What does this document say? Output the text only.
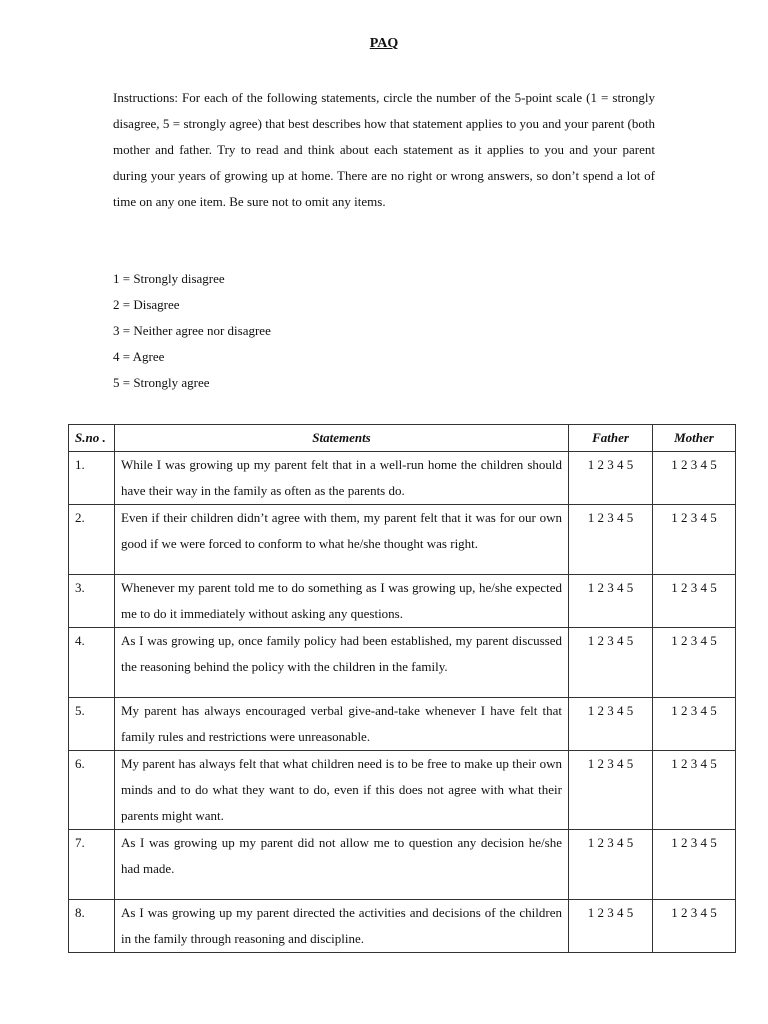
PAQ

Instructions: For each of the following statements, circle the number of the 5-point scale (1 = strongly disagree, 5 = strongly agree) that best describes how that statement applies to you and your parent (both mother and father. Try to read and think about each statement as it applies to you and your parent during your years of growing up at home. There are no right or wrong answers, so don’t spend a lot of time on any one item. Be sure not to omit any items.

1 = Strongly disagree
2 = Disagree
3 = Neither agree nor disagree
4 = Agree
5 = Strongly agree
S.no .	Statements	Father	Mother
1.	While I was growing up my parent felt that in a well-run home the children should have their way in the family as often as the parents do.	1 2 3 4 5	1 2 3 4 5
2.	Even if their children didn’t agree with them, my parent felt that it was for our own good if we were forced to conform to what he/she thought was right.	1 2 3 4 5	1 2 3 4 5
3.	Whenever my parent told me to do something as I was growing up, he/she expected me to do it immediately without asking any questions.	1 2 3 4 5	1 2 3 4 5
4.	As I was growing up, once family policy had been established, my parent discussed the reasoning behind the policy with the children in the family.	1 2 3 4 5	1 2 3 4 5
5.	My parent has always encouraged verbal give-and-take whenever I have felt that family rules and restrictions were unreasonable.	1 2 3 4 5	1 2 3 4 5
6.	My parent has always felt that what children need is to be free to make up their own minds and to do what they want to do, even if this does not agree with what their parents might want.	1 2 3 4 5	1 2 3 4 5
7.	As I was growing up my parent did not allow me to question any decision he/she had made.	1 2 3 4 5	1 2 3 4 5
8.	As I was growing up my parent directed the activities and decisions of the children in the family through reasoning and discipline.	1 2 3 4 5	1 2 3 4 5
